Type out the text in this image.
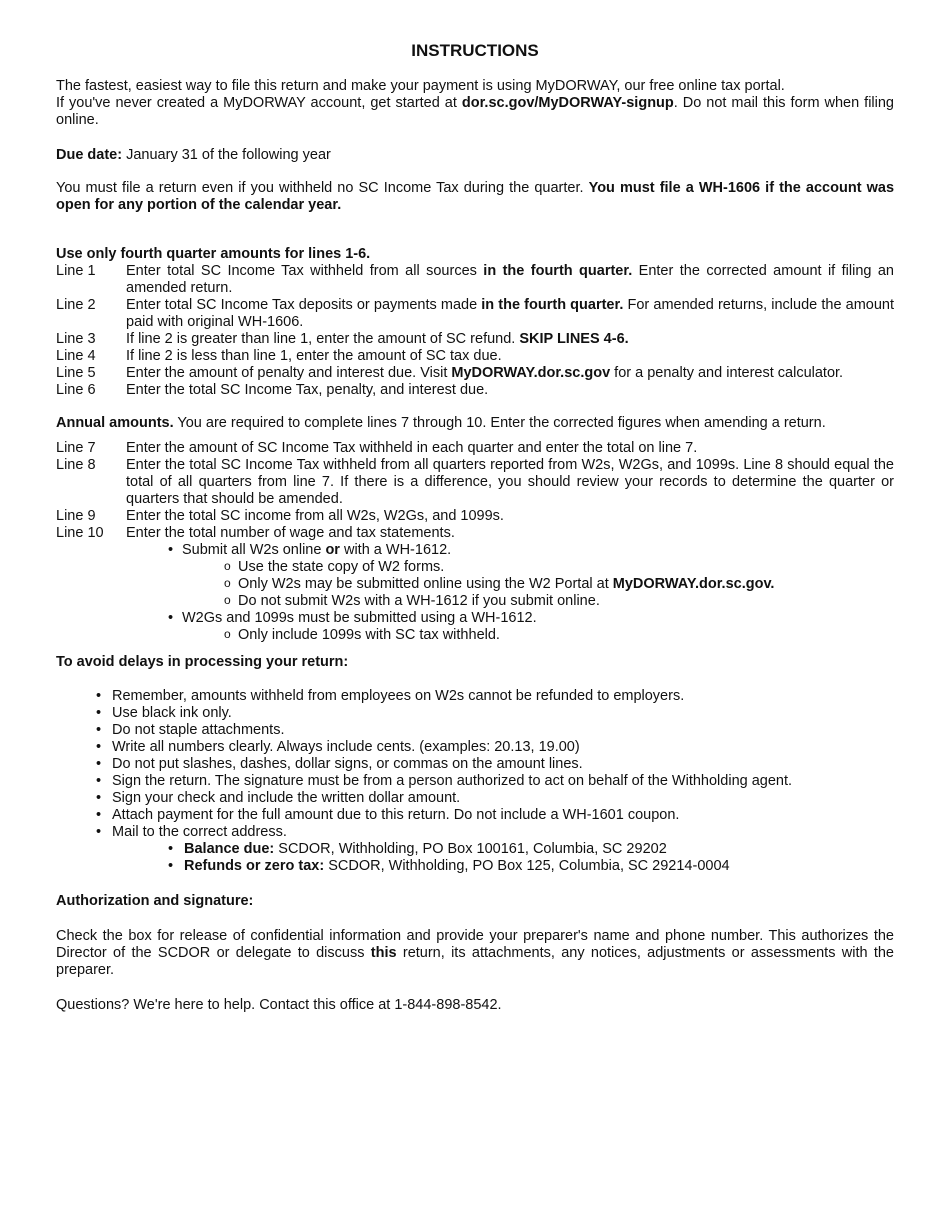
INSTRUCTIONS

The fastest, easiest way to file this return and make your payment is using MyDORWAY, our free online tax portal.
If you've never created a MyDORWAY account, get started at dor.sc.gov/MyDORWAY-signup. Do not mail this form when filing online.

Due date: January 31 of the following year

You must file a return even if you withheld no SC Income Tax during the quarter. You must file a WH-1606 if the account was open for any portion of the calendar year.

Use only fourth quarter amounts for lines 1-6.

Line 1	Enter total SC Income Tax withheld from all sources in the fourth quarter. Enter the corrected amount if filing an amended return.
Line 2	Enter total SC Income Tax deposits or payments made in the fourth quarter. For amended returns, include the amount paid with original WH-1606.
Line 3	If line 2 is greater than line 1, enter the amount of SC refund. SKIP LINES 4-6.
Line 4	If line 2 is less than line 1, enter the amount of SC tax due.
Line 5	Enter the amount of penalty and interest due. Visit MyDORWAY.dor.sc.gov for a penalty and interest calculator.
Line 6	Enter the total SC Income Tax, penalty, and interest due.

Annual amounts. You are required to complete lines 7 through 10. Enter the corrected figures when amending a return.

Line 7	Enter the amount of SC Income Tax withheld in each quarter and enter the total on line 7.
Line 8	Enter the total SC Income Tax withheld from all quarters reported from W2s, W2Gs, and 1099s. Line 8 should equal the total of all quarters from line 7. If there is a difference, you should review your records to determine the quarter or quarters that should be amended.
Line 9	Enter the total SC income from all W2s, W2Gs, and 1099s.
Line 10	Enter the total number of wage and tax statements.
• Submit all W2s online or with a WH-1612.
o Use the state copy of W2 forms.
o Only W2s may be submitted online using the W2 Portal at MyDORWAY.dor.sc.gov.
o Do not submit W2s with a WH-1612 if you submit online.
• W2Gs and 1099s must be submitted using a WH-1612.
o Only include 1099s with SC tax withheld.

To avoid delays in processing your return:

• Remember, amounts withheld from employees on W2s cannot be refunded to employers.
• Use black ink only.
• Do not staple attachments.
• Write all numbers clearly. Always include cents. (examples: 20.13, 19.00)
• Do not put slashes, dashes, dollar signs, or commas on the amount lines.
• Sign the return. The signature must be from a person authorized to act on behalf of the Withholding agent.
• Sign your check and include the written dollar amount.
• Attach payment for the full amount due to this return. Do not include a WH-1601 coupon.
• Mail to the correct address.
• Balance due: SCDOR, Withholding, PO Box 100161, Columbia, SC 29202
• Refunds or zero tax: SCDOR, Withholding, PO Box 125, Columbia, SC 29214-0004

Authorization and signature:

Check the box for release of confidential information and provide your preparer's name and phone number. This authorizes the Director of the SCDOR or delegate to discuss this return, its attachments, any notices, adjustments or assessments with the preparer.

Questions? We're here to help. Contact this office at 1-844-898-8542.
